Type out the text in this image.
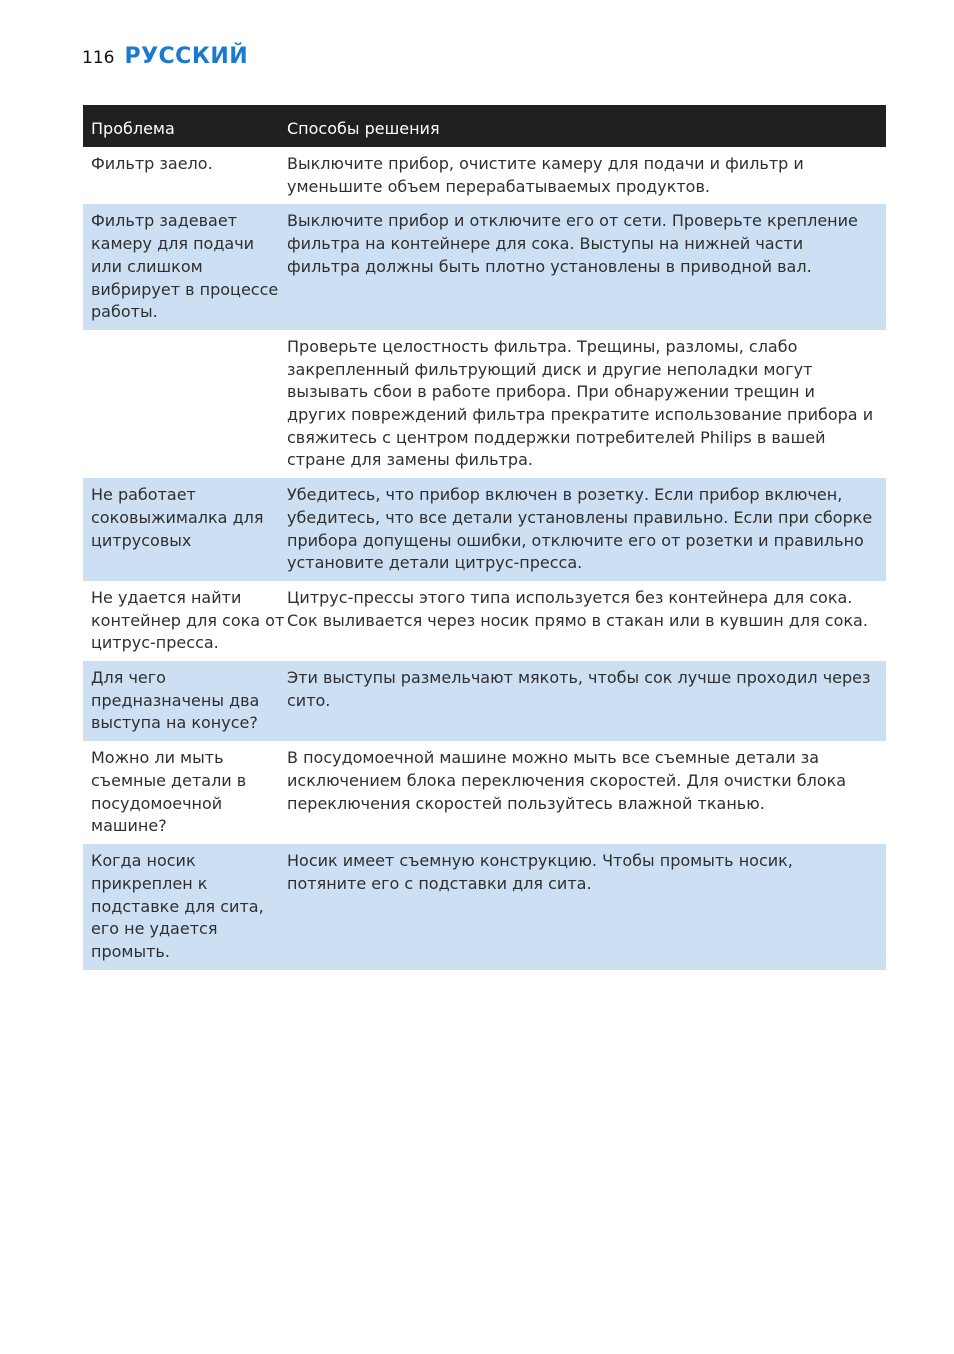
116 РУССКИЙ
Проблема	Способы решения
Фильтр заело.	Выключите прибор, очистите камеру для подачи и фильтр и уменьшите объем перерабатываемых продуктов.
Фильтр задевает камеру для подачи или слишком вибрирует в процессе работы.
Выключите прибор и отключите его от сети. Проверьте крепление фильтра на контейнере для сока. Выступы на нижней части фильтра должны быть плотно установлены в приводной вал.
Проверьте целостность фильтра. Трещины, разломы, слабо закрепленный фильтрующий диск и другие неполадки могут вызывать сбои в работе прибора. При обнаружении трещин и других повреждений фильтра прекратите использование прибора и свяжитесь с центром поддержки потребителей Philips в вашей стране для замены фильтра.
Не работает соковыжималка для цитрусовых
Убедитесь, что прибор включен в розетку. Если прибор включен, убедитесь, что все детали установлены правильно. Если при сборке прибора допущены ошибки, отключите его от розетки и правильно установите детали цитрус-пресса.
Не удается найти контейнер для сока от цитрус-пресса.
Цитрус-прессы этого типа используется без контейнера для сока. Сок выливается через носик прямо в стакан или в кувшин для сока.
Для чего предназначены два выступа на конусе?
Эти выступы размельчают мякоть, чтобы сок лучше проходил через сито.
Можно ли мыть съемные детали в посудомоечной машине?
В посудомоечной машине можно мыть все съемные детали за исключением блока переключения скоростей. Для очистки блока переключения скоростей пользуйтесь влажной тканью.
Когда носик прикреплен к подставке для сита, его не удается промыть.
Носик имеет съемную конструкцию. Чтобы промыть носик, потяните его с подставки для сита.
